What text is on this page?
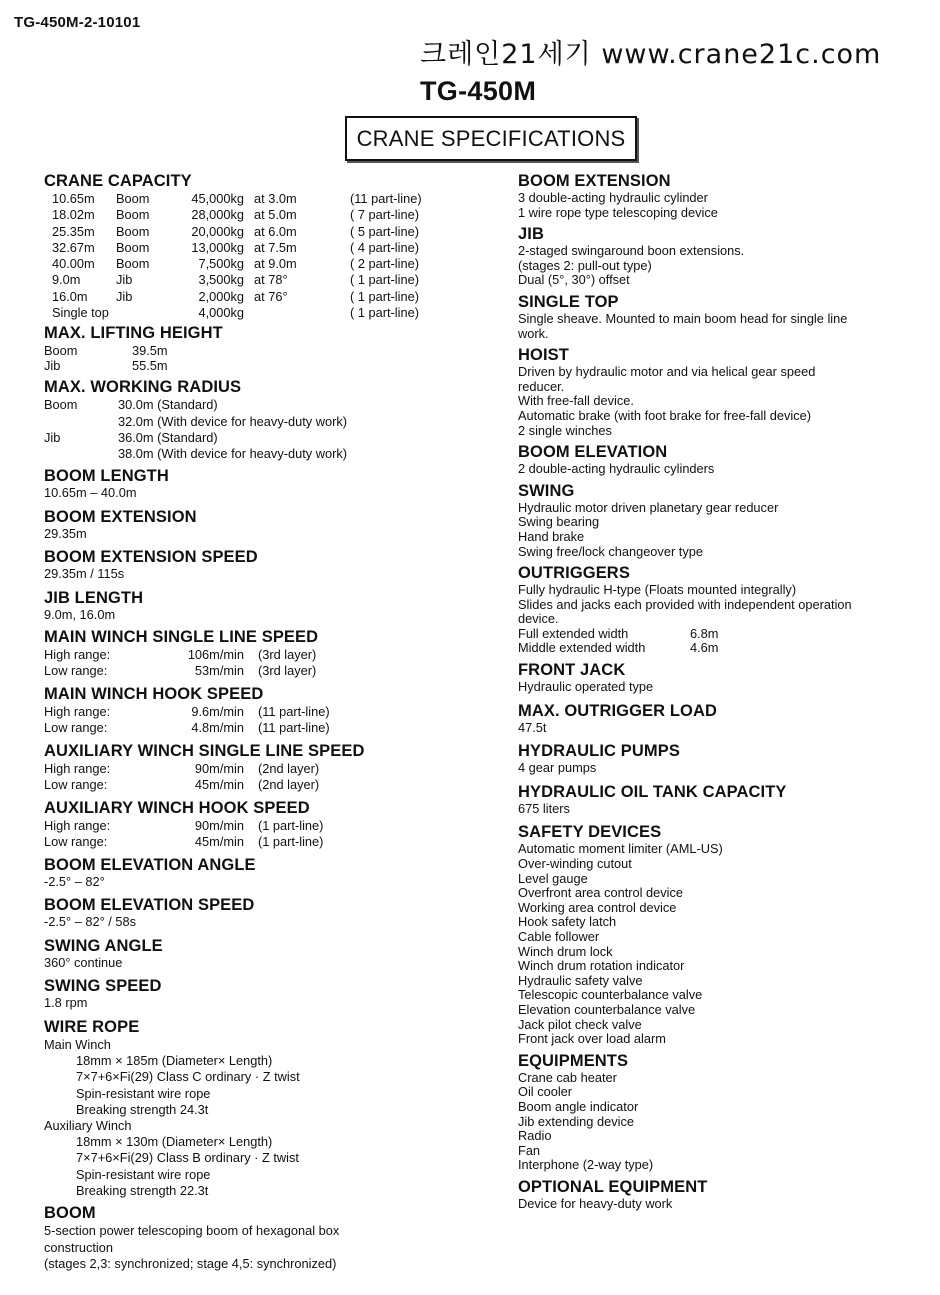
TG-450M-2-10101
크레인21세기 www.crane21c.com
TG-450M
CRANE SPECIFICATIONS
CRANE CAPACITY
10.65m	Boom	45,000kg at 3.0m	(11 part-line)
18.02m	Boom	28,000kg at 5.0m	( 7 part-line)
25.35m	Boom	20,000kg at 6.0m	( 5 part-line)
32.67m	Boom	13,000kg at 7.5m	( 4 part-line)
40.00m	Boom	7,500kg at 9.0m	( 2 part-line)
9.0m	Jib	3,500kg at 78°	( 1 part-line)
16.0m	Jib	2,000kg at 76°	( 1 part-line)
Single top	4,000kg	( 1 part-line)
MAX. LIFTING HEIGHT
Boom	39.5m
Jib	55.5m
MAX. WORKING RADIUS
Boom	30.0m (Standard)
32.0m (With device for heavy-duty work)
Jib	36.0m (Standard)
38.0m (With device for heavy-duty work)
BOOM LENGTH
10.65m – 40.0m
BOOM EXTENSION
29.35m
BOOM EXTENSION SPEED
29.35m / 115s
JIB LENGTH
9.0m, 16.0m
MAIN WINCH SINGLE LINE SPEED
High range:	106m/min	(3rd layer)
Low range:	53m/min	(3rd layer)
MAIN WINCH HOOK SPEED
High range:	9.6m/min	(11 part-line)
Low range:	4.8m/min	(11 part-line)
AUXILIARY WINCH SINGLE LINE SPEED
High range:	90m/min	(2nd layer)
Low range:	45m/min	(2nd layer)
AUXILIARY WINCH HOOK SPEED
High range:	90m/min	(1 part-line)
Low range:	45m/min	(1 part-line)
BOOM ELEVATION ANGLE
-2.5° – 82°
BOOM ELEVATION SPEED
-2.5° – 82° / 58s
SWING ANGLE
360° continue
SWING SPEED
1.8 rpm
WIRE ROPE
Main Winch
18mm × 185m (Diameter× Length)
7×7+6×Fi(29) Class C ordinary · Z twist
Spin-resistant wire rope
Breaking strength 24.3t
Auxiliary Winch
18mm × 130m (Diameter× Length)
7×7+6×Fi(29) Class B ordinary · Z twist
Spin-resistant wire rope
Breaking strength 22.3t
BOOM
5-section power telescoping boom of hexagonal box
construction
(stages 2,3: synchronized; stage 4,5: synchronized)
BOOM EXTENSION
3 double-acting hydraulic cylinder
1 wire rope type telescoping device
JIB
2-staged swingaround boon extensions.
(stages 2: pull-out type)
Dual (5°, 30°) offset
SINGLE TOP
Single sheave. Mounted to main boom head for single line
work.
HOIST
Driven by hydraulic motor and via helical gear speed
reducer.
With free-fall device.
Automatic brake (with foot brake for free-fall device)
2 single winches
BOOM ELEVATION
2 double-acting hydraulic cylinders
SWING
Hydraulic motor driven planetary gear reducer
Swing bearing
Hand brake
Swing free/lock changeover type
OUTRIGGERS
Fully hydraulic H-type (Floats mounted integrally)
Slides and jacks each provided with independent operation
device.
Full extended width	6.8m
Middle extended width	4.6m
FRONT JACK
Hydraulic operated type
MAX. OUTRIGGER LOAD
47.5t
HYDRAULIC PUMPS
4 gear pumps
HYDRAULIC OIL TANK CAPACITY
675 liters
SAFETY DEVICES
Automatic moment limiter (AML-US)
Over-winding cutout
Level gauge
Overfront area control device
Working area control device
Hook safety latch
Cable follower
Winch drum lock
Winch drum rotation indicator
Hydraulic safety valve
Telescopic counterbalance valve
Elevation counterbalance valve
Jack pilot check valve
Front jack over load alarm
EQUIPMENTS
Crane cab heater
Oil cooler
Boom angle indicator
Jib extending device
Radio
Fan
Interphone (2-way type)
OPTIONAL EQUIPMENT
Device for heavy-duty work
